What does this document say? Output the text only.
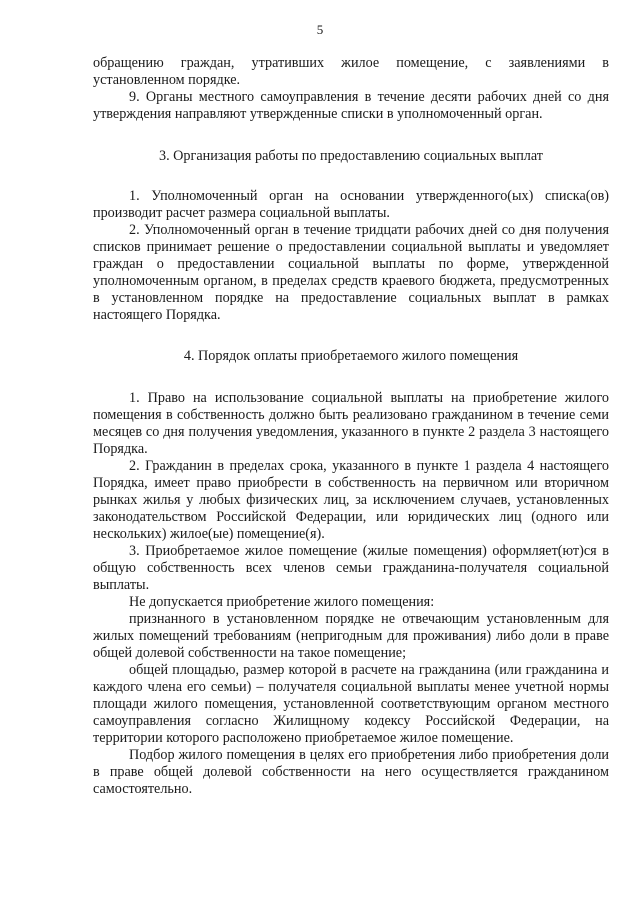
5

обращению граждан, утративших жилое помещение, с заявлениями в установленном порядке.

9. Органы местного самоуправления в течение десяти рабочих дней со дня утверждения направляют утвержденные списки в уполномоченный орган.

3. Организация работы по предоставлению социальных выплат

1. Уполномоченный орган на основании утвержденного(ых) списка(ов) производит расчет размера социальной выплаты.

2. Уполномоченный орган в течение тридцати рабочих дней со дня получения списков принимает решение о предоставлении социальной выплаты и уведомляет граждан о предоставлении социальной выплаты по форме, утвержденной уполномоченным органом, в пределах средств краевого бюджета, предусмотренных в установленном порядке на предоставление социальных выплат в рамках настоящего Порядка.

4. Порядок оплаты приобретаемого жилого помещения

1. Право на использование социальной выплаты на приобретение жилого помещения в собственность должно быть реализовано гражданином в течение семи месяцев со дня получения уведомления, указанного в пункте 2 раздела 3 настоящего Порядка.

2. Гражданин в пределах срока, указанного в пункте 1 раздела 4 настоящего Порядка, имеет право приобрести в собственность на первичном или вторичном рынках жилья у любых физических лиц, за исключением случаев, установленных законодательством Российской Федерации, или юридических лиц (одного или нескольких) жилое(ые) помещение(я).

3. Приобретаемое жилое помещение (жилые помещения) оформляет(ют)ся в общую собственность всех членов семьи гражданина-получателя социальной выплаты.

Не допускается приобретение жилого помещения:

признанного в установленном порядке не отвечающим установленным для жилых помещений требованиям (непригодным для проживания) либо доли в праве общей долевой собственности на такое помещение;

общей площадью, размер которой в расчете на гражданина (или гражданина и каждого члена его семьи) – получателя социальной выплаты менее учетной нормы площади жилого помещения, установленной соответствующим органом местного самоуправления согласно Жилищному кодексу Российской Федерации, на территории которого расположено приобретаемое жилое помещение.

Подбор жилого помещения в целях его приобретения либо приобретения доли в праве общей долевой собственности на него осуществляется гражданином самостоятельно.
